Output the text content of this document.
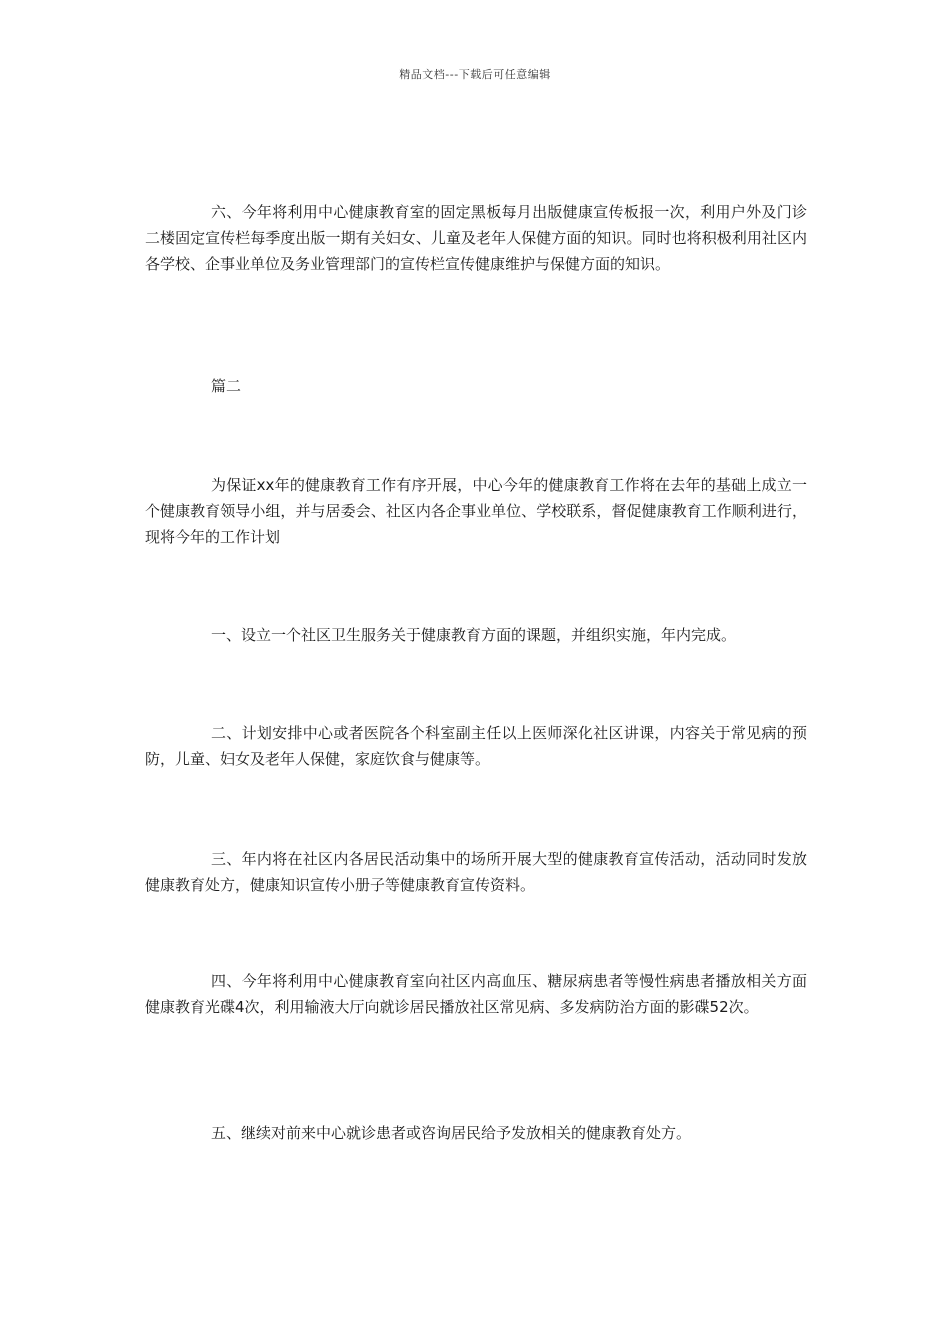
精品文档---下载后可任意编辑

六、今年将利用中心健康教育室的固定黑板每月出版健康宣传板报一次，利用户外及门诊二楼固定宣传栏每季度出版一期有关妇女、儿童及老年人保健方面的知识。同时也将积极利用社区内各学校、企事业单位及务业管理部门的宣传栏宣传健康维护与保健方面的知识。

篇二

为保证xx年的健康教育工作有序开展，中心今年的健康教育工作将在去年的基础上成立一个健康教育领导小组，并与居委会、社区内各企事业单位、学校联系，督促健康教育工作顺利进行，现将今年的工作计划

一、设立一个社区卫生服务关于健康教育方面的课题，并组织实施，年内完成。

二、计划安排中心或者医院各个科室副主任以上医师深化社区讲课，内容关于常见病的预防，儿童、妇女及老年人保健，家庭饮食与健康等。

三、年内将在社区内各居民活动集中的场所开展大型的健康教育宣传活动，活动同时发放健康教育处方，健康知识宣传小册子等健康教育宣传资料。

四、今年将利用中心健康教育室向社区内高血压、糖尿病患者等慢性病患者播放相关方面健康教育光碟4次，利用输液大厅向就诊居民播放社区常见病、多发病防治方面的影碟52次。

五、继续对前来中心就诊患者或咨询居民给予发放相关的健康教育处方。
